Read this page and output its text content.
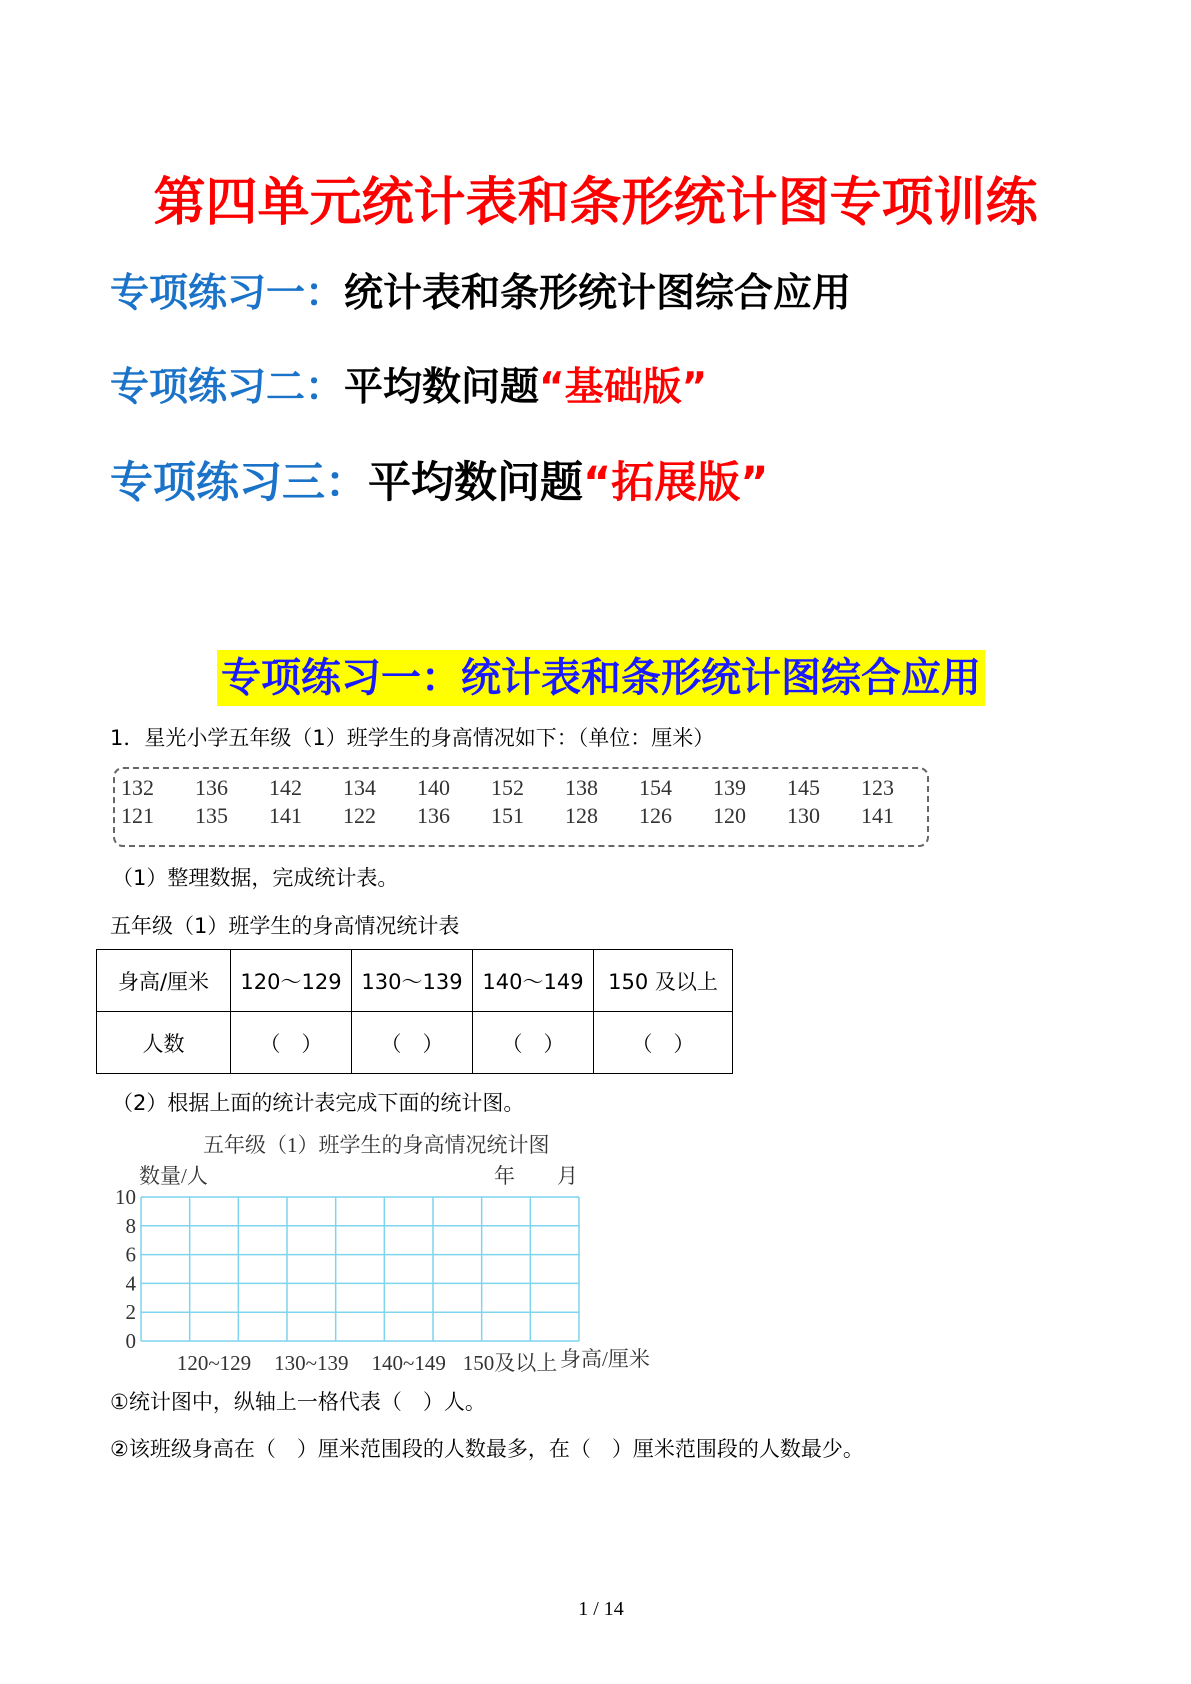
第四单元统计表和条形统计图专项训练
专项练习一：统计表和条形统计图综合应用
专项练习二：平均数问题“基础版”
专项练习三：平均数问题“拓展版”
专项练习一：统计表和条形统计图综合应用
1．星光小学五年级（1）班学生的身高情况如下：（单位：厘米）
132 136 142 134 140 152 138 154 139 145 123
121 135 141 122 136 151 128 126 120 130 141
（1）整理数据，完成统计表。
五年级（1）班学生的身高情况统计表
身高/厘米	120～129	130～139	140～149	150 及以上
人数	（　）	（　）	（　）	（　）
（2）根据上面的统计表完成下面的统计图。
五年级（1）班学生的身高情况统计图
数量/人	年　　月
0
2
4
6
8
10
120~129 130~139 140~149 150及以上 身高/厘米
①统计图中，纵轴上一格代表（　）人。
②该班级身高在（　）厘米范围段的人数最多，在（　）厘米范围段的人数最少。
1 / 14
